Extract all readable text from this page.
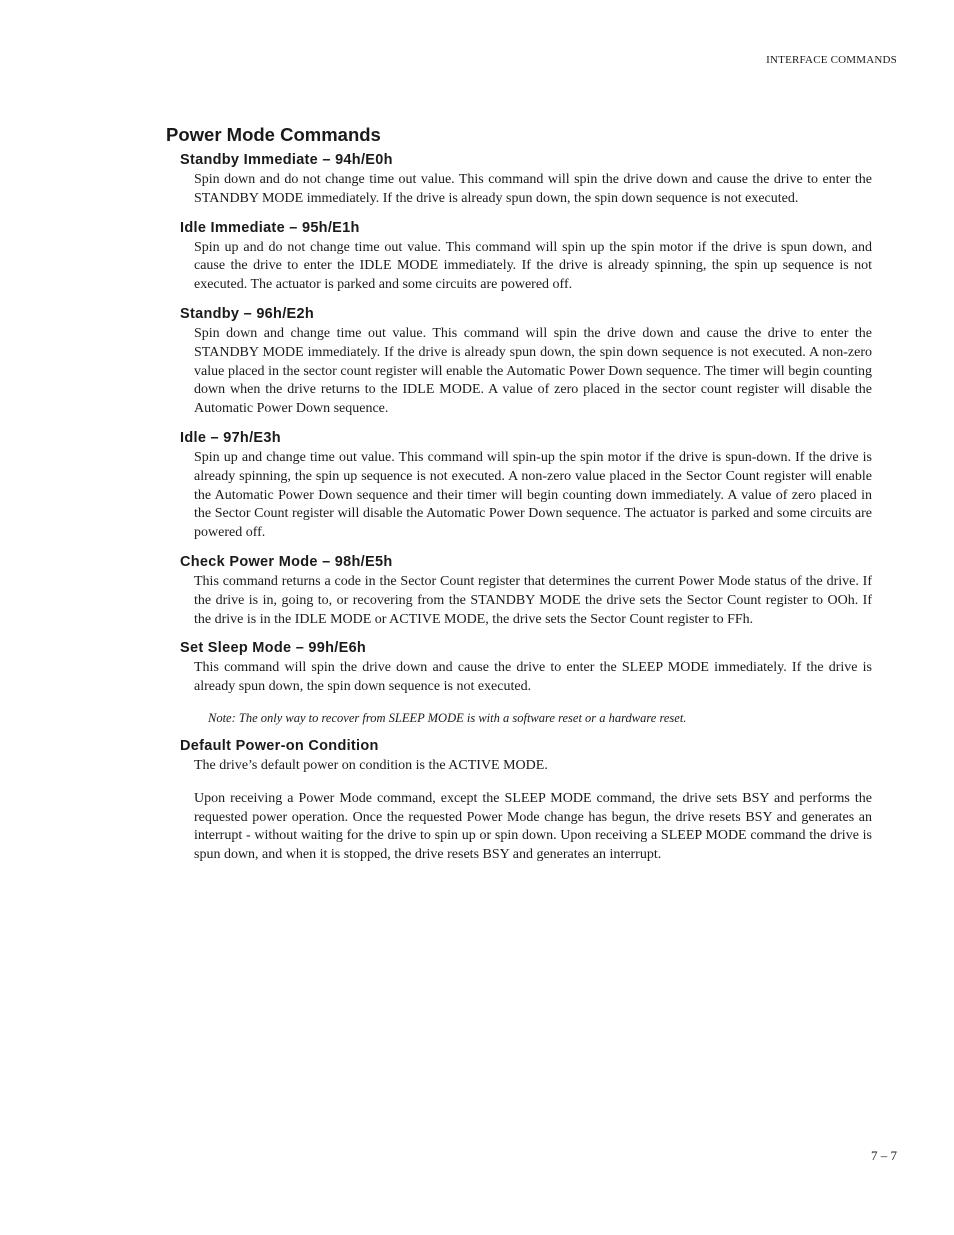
INTERFACE COMMANDS
Power Mode Commands
Standby Immediate – 94h/E0h

Spin down and do not change time out value. This command will spin the drive down and cause the drive to enter the STANDBY MODE immediately. If the drive is already spun down, the spin down sequence is not executed.

Idle Immediate – 95h/E1h

Spin up and do not change time out value. This command will spin up the spin motor if the drive is spun down, and cause the drive to enter the IDLE MODE immediately. If the drive is already spinning, the spin up sequence is not executed. The actuator is parked and some circuits are powered off.

Standby – 96h/E2h

Spin down and change time out value. This command will spin the drive down and cause the drive to enter the STANDBY MODE immediately. If the drive is already spun down, the spin down sequence is not executed. A non-zero value placed in the sector count register will enable the Automatic Power Down sequence. The timer will begin counting down when the drive returns to the IDLE MODE. A value of zero placed in the sector count register will disable the Automatic Power Down sequence.

Idle – 97h/E3h

Spin up and change time out value. This command will spin-up the spin motor if the drive is spun-down. If the drive is already spinning, the spin up sequence is not executed. A non-zero value placed in the Sector Count register will enable the Automatic Power Down sequence and their timer will begin counting down immediately. A value of zero placed in the Sector Count register will disable the Automatic Power Down sequence. The actuator is parked and some circuits are powered off.

Check Power Mode – 98h/E5h

This command returns a code in the Sector Count register that determines the current Power Mode status of the drive. If the drive is in, going to, or recovering from the STANDBY MODE the drive sets the Sector Count register to OOh. If the drive is in the IDLE MODE or ACTIVE MODE, the drive sets the Sector Count register to FFh.

Set Sleep Mode – 99h/E6h

This command will spin the drive down and cause the drive to enter the SLEEP MODE immediately. If the drive is already spun down, the spin down sequence is not executed.

Note: The only way to recover from SLEEP MODE is with a software reset or a hardware reset.

Default Power-on Condition

The drive’s default power on condition is the ACTIVE MODE.

Upon receiving a Power Mode command, except the SLEEP MODE command, the drive sets BSY and performs the requested power operation. Once the requested Power Mode change has begun, the drive resets BSY and generates an interrupt - without waiting for the drive to spin up or spin down. Upon receiving a SLEEP MODE command the drive is spun down, and when it is stopped, the drive resets BSY and generates an interrupt.

7 – 7
